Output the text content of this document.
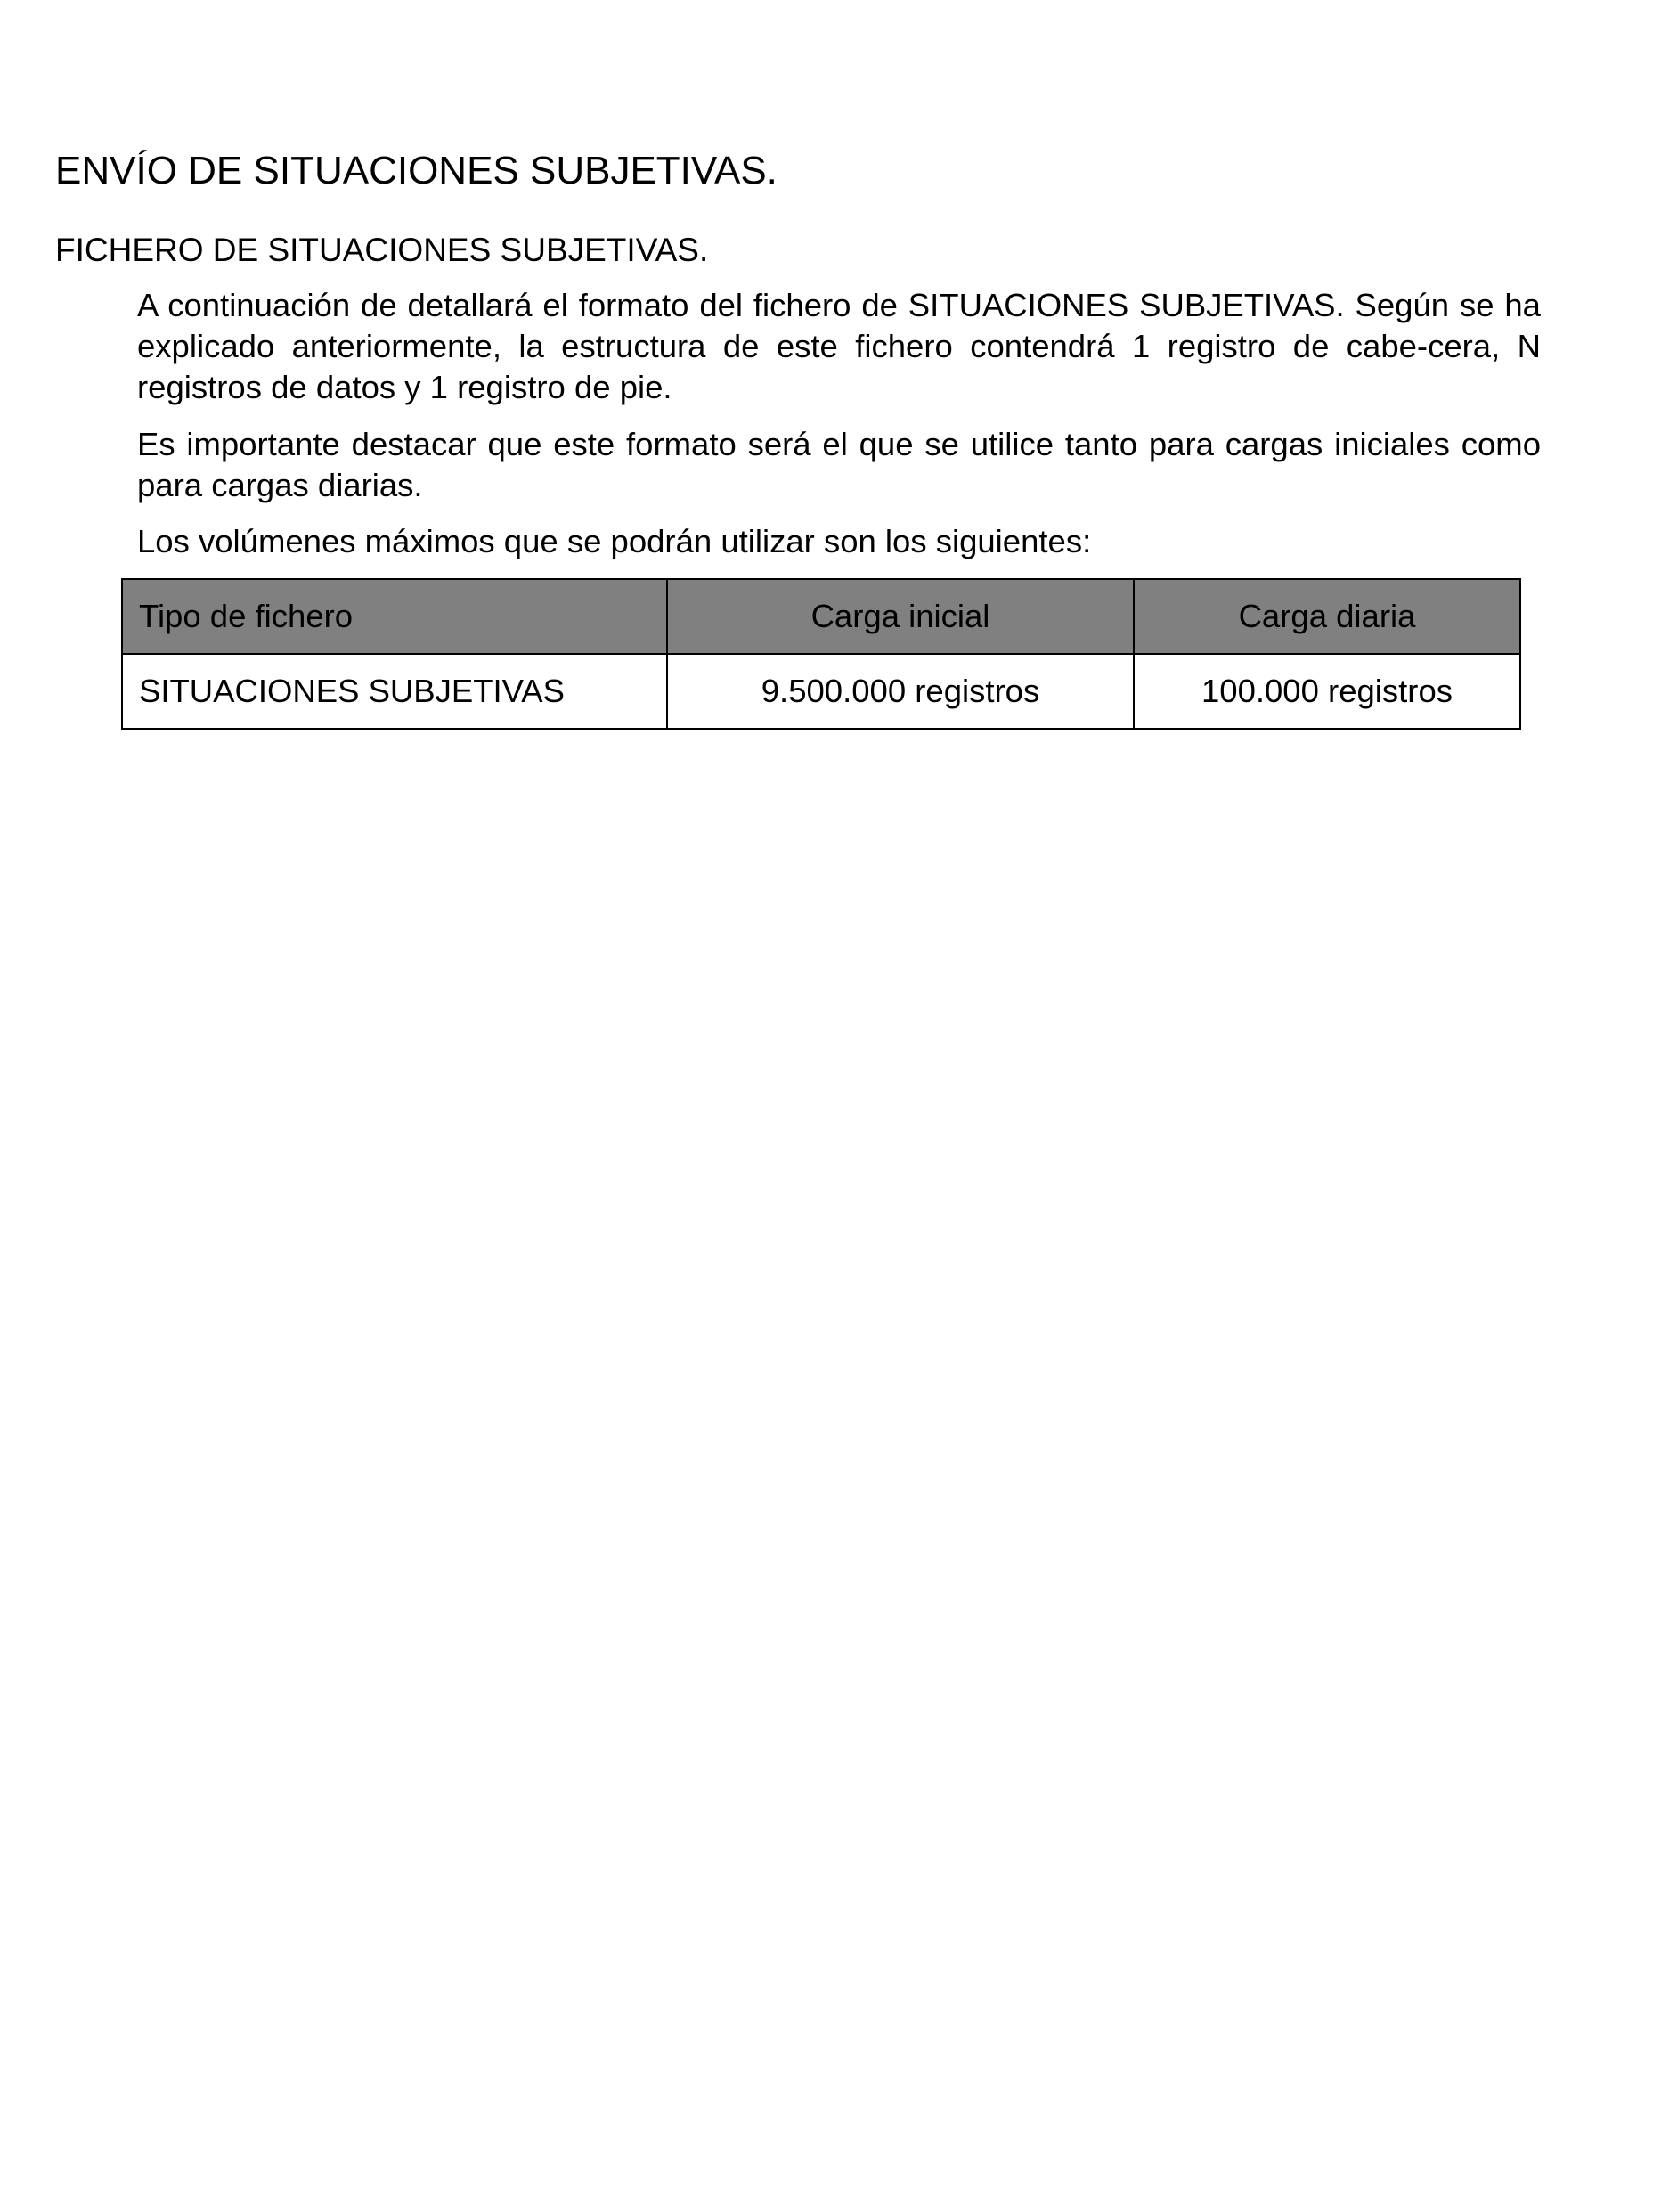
ENVÍO DE SITUACIONES SUBJETIVAS.
FICHERO DE SITUACIONES SUBJETIVAS.

A continuación de detallará el formato del fichero de SITUACIONES SUBJETIVAS. Según se ha explicado anteriormente, la estructura de este fichero contendrá 1 registro de cabe-cera, N registros de datos y 1 registro de pie.

Es importante destacar que este formato será el que se utilice tanto para cargas iniciales como para cargas diarias.

Los volúmenes máximos que se podrán utilizar son los siguientes:

Tipo de fichero	Carga inicial	Carga diaria
SITUACIONES SUBJETIVAS	9.500.000 registros	100.000 registros
